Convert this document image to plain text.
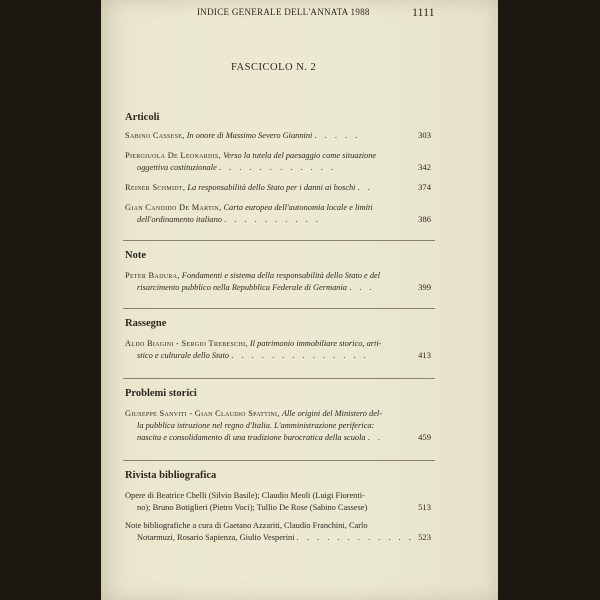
INDICE GENERALE DELL'ANNATA 1988	1111
FASCICOLO N. 2
Articoli
Sabino Cassese, In onore di Massimo Severo Giannini . . . . .	303
Piergiuola De Leonardis, Verso la tutela del paesaggio come situazione
oggettiva costituzionale . . . . . . . . . . . .	342
Reiner Schmidt, La responsabilità dello Stato per i danni ai boschi . .	374
Gian Candido De Martin, Carta europea dell'autonomia locale e limiti
dell'ordinamento italiano . . . . . . . . . .	386
Note
Peter Badura, Fondamenti e sistema della responsabilità dello Stato e del
risarcimento pubblico nella Repubblica Federale di Germania . . .	399
Rassegne
Aldo Biagini - Sergio Trebeschi, Il patrimonio immobiliare storico, arti-
stico e culturale dello Stato . . . . . . . . . . . . . .	413
Problemi storici
Giuseppe Sanviti - Gian Claudio Spattini, Alle origini del Ministero del-
la pubblica istruzione nel regno d'Italia. L'amministrazione periferica:
nascita e consolidamento di una tradizione burocratica della scuola . .	459
Rivista bibliografica
Opere di Beatrice Chelli (Silvio Basile); Claudio Meoli (Luigi Fiorenti-
no); Bruno Botiglieri (Pietro Voci); Tullio De Rose (Sabino Cassese)	513
Note bibliografiche a cura di Gaetano Azzariti, Claudio Franchini, Carlo
Notarmuzi, Rosario Sapienza, Giulio Vesperini . . . . . . . . . . . . 523
